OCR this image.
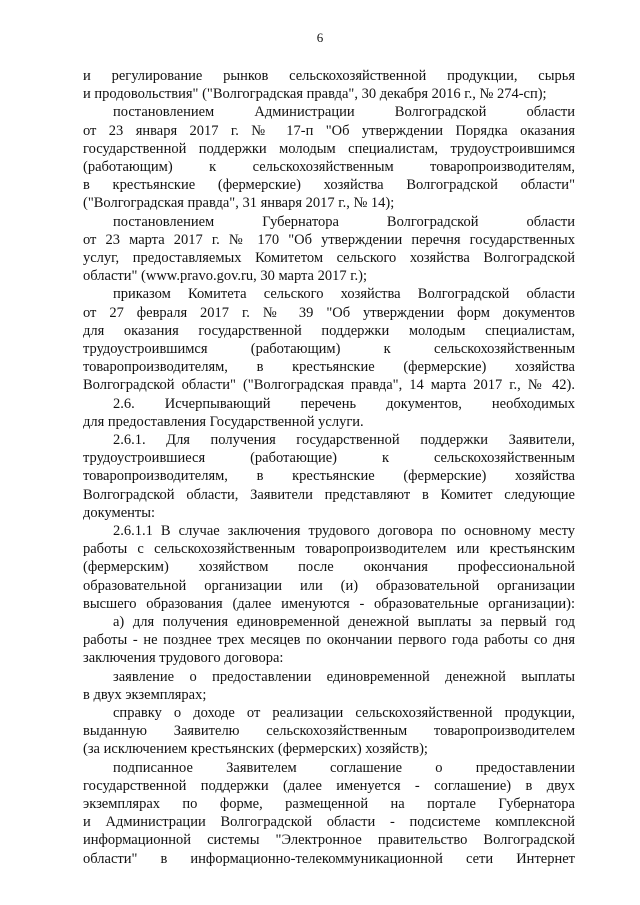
6
и регулирование рынков сельскохозяйственной продукции, сырья
и продовольствия" ("Волгоградская правда", 30 декабря 2016 г., № 274-сп);
постановлением Администрации Волгоградской области
от 23 января 2017 г. № 17-п "Об утверждении Порядка оказания
государственной поддержки молодым специалистам, трудоустроившимся
(работающим) к сельскохозяйственным товаропроизводителям,
в крестьянские (фермерские) хозяйства Волгоградской области"
("Волгоградская правда", 31 января 2017 г., № 14);
постановлением Губернатора Волгоградской области
от 23 марта 2017 г. № 170 "Об утверждении перечня государственных
услуг, предоставляемых Комитетом сельского хозяйства Волгоградской
области" (www.pravo.gov.ru, 30 марта 2017 г.);
приказом Комитета сельского хозяйства Волгоградской области
от 27 февраля 2017 г. № 39 "Об утверждении форм документов
для оказания государственной поддержки молодым специалистам,
трудоустроившимся (работающим) к сельскохозяйственным
товаропроизводителям, в крестьянские (фермерские) хозяйства
Волгоградской области" ("Волгоградская правда", 14 марта 2017 г., № 42).
2.6. Исчерпывающий перечень документов, необходимых
для предоставления Государственной услуги.
2.6.1. Для получения государственной поддержки Заявители,
трудоустроившиеся (работающие) к сельскохозяйственным
товаропроизводителям, в крестьянские (фермерские) хозяйства
Волгоградской области, Заявители представляют в Комитет следующие
документы:
2.6.1.1 В случае заключения трудового договора по основному месту
работы с сельскохозяйственным товаропроизводителем или крестьянским
(фермерским) хозяйством после окончания профессиональной
образовательной организации или (и) образовательной организации
высшего образования (далее именуются - образовательные организации):
а) для получения единовременной денежной выплаты за первый год
работы - не позднее трех месяцев по окончании первого года работы со дня
заключения трудового договора:
заявление о предоставлении единовременной денежной выплаты
в двух экземплярах;
справку о доходе от реализации сельскохозяйственной продукции,
выданную Заявителю сельскохозяйственным товаропроизводителем
(за исключением крестьянских (фермерских) хозяйств);
подписанное Заявителем соглашение о предоставлении
государственной поддержки (далее именуется - соглашение) в двух
экземплярах по форме, размещенной на портале Губернатора
и Администрации Волгоградской области - подсистеме комплексной
информационной системы "Электронное правительство Волгоградской
области" в информационно-телекоммуникационной сети Интернет
